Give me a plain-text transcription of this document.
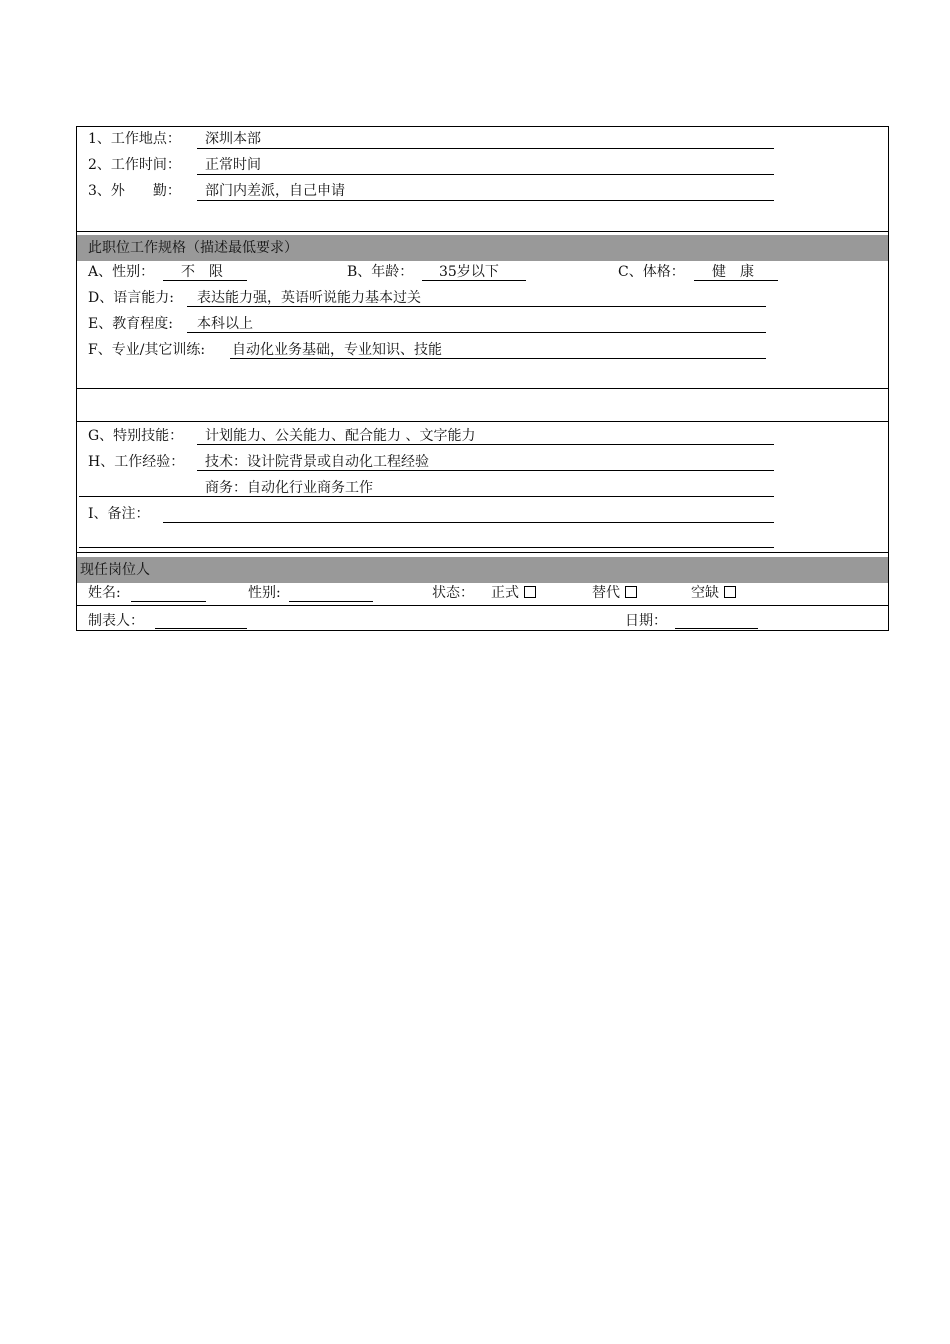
1、工作地点： 深圳本部
2、工作时间： 正常时间
3、外　　勤： 部门内差派，自己申请
此职位工作规格（描述最低要求）
A、性别： 不　限	B、年龄： 35岁以下	C、体格： 健　康
D、语言能力: 表达能力强，英语听说能力基本过关
E、教育程度: 本科以上
F、专业/其它训练: 自动化业务基础，专业知识、技能
G、特别技能： 计划能力、公关能力、配合能力 、文字能力
H、工作经验： 技术：设计院背景或自动化工程经验
商务：自动化行业商务工作
I、备注：
现任岗位人
姓名:	性别:	状态： 正式	替代	空缺
制表人：	日期：
